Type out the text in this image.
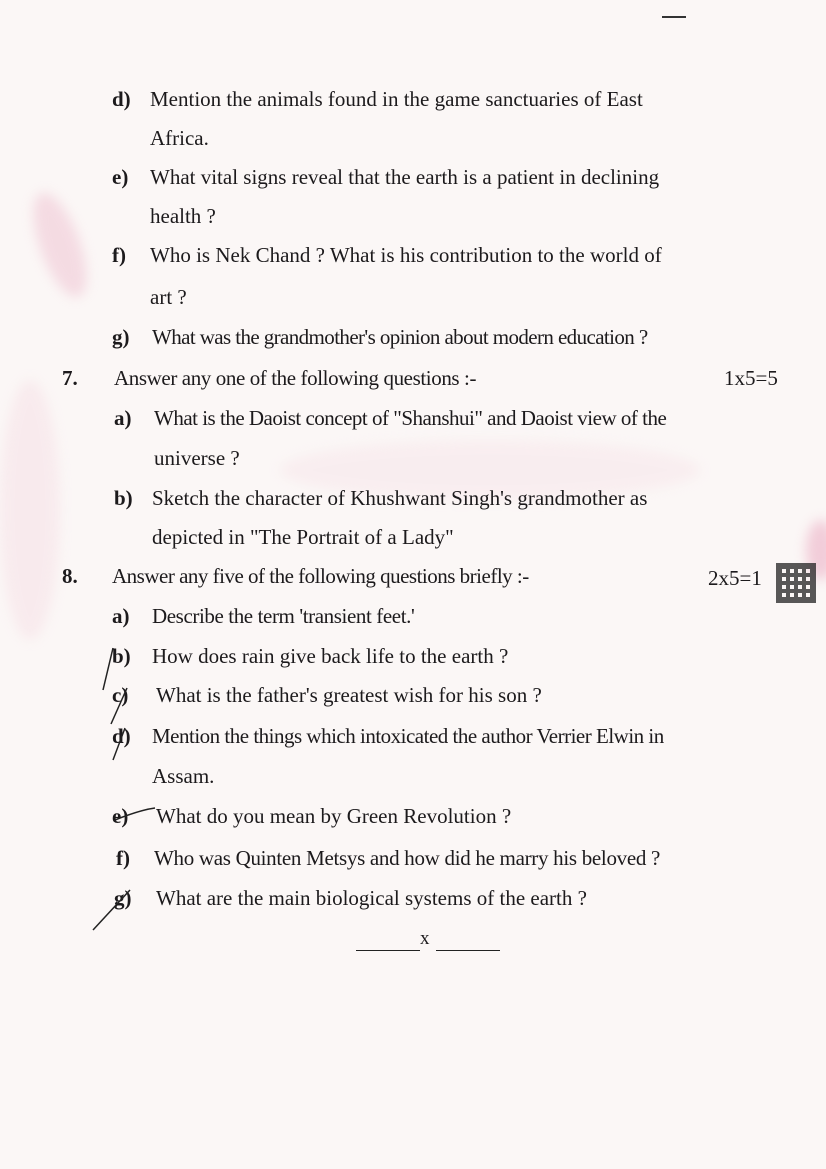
d) Mention the animals found in the game sanctuaries of East
Africa.
e) What vital signs reveal that the earth is a patient in declining
health ?
f) Who is Nek Chand ? What is his contribution to the world of
art ?
g) What was the grandmother's opinion about modern education ?
7. Answer any one of the following questions :-	1x5=5
a) What is the Daoist concept of "Shanshui" and Daoist view of the
universe ?
b) Sketch the character of Khushwant Singh's grandmother as
depicted in "The Portrait of a Lady"
8. Answer any five of the following questions briefly :-	2x5=1
a) Describe the term 'transient feet.'
b) How does rain give back life to the earth ?
c) What is the father's greatest wish for his son ?
d) Mention the things which intoxicated the author Verrier Elwin in
Assam.
e) What do you mean by Green Revolution ?
f) Who was Quinten Metsys and how did he marry his beloved ?
g) What are the main biological systems of the earth ?
x
